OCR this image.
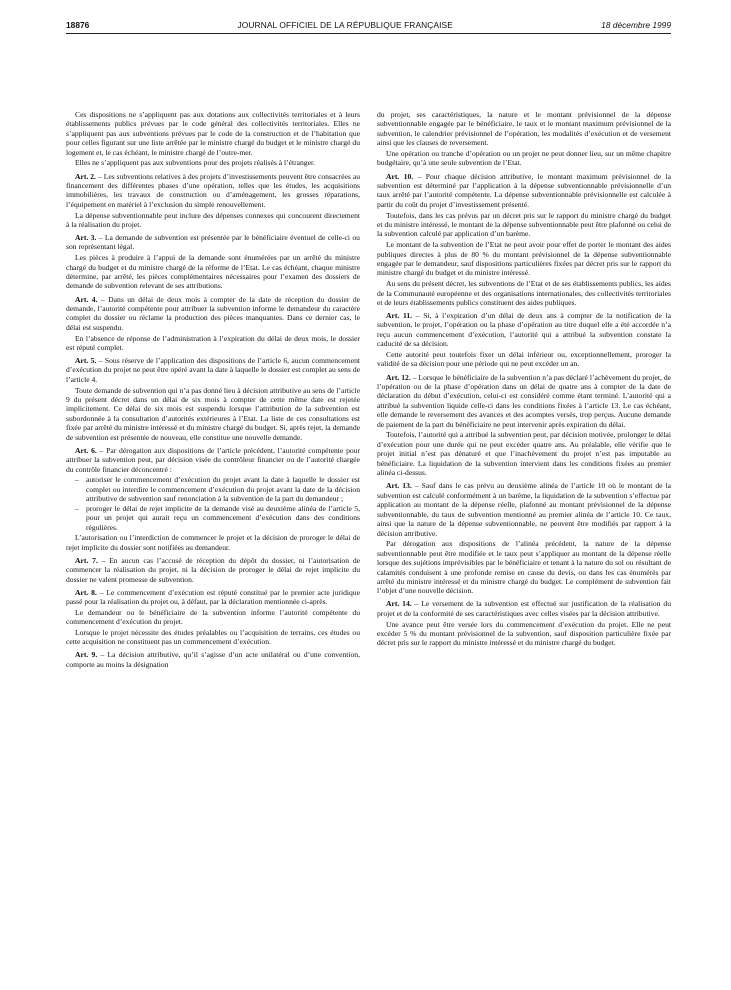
18876	JOURNAL OFFICIEL DE LA RÉPUBLIQUE FRANÇAISE	18 décembre 1999

Ces dispositions ne s’appliquent pas aux dotations aux collectivités territoriales et à leurs établissements publics prévues par le code général des collectivités territoriales. Elles ne s’appliquent pas aux subventions prévues par le code de la construction et de l’habitation que pour celles figurant sur une liste arrêtée par le ministre chargé du budget et le ministre chargé du logement et, le cas échéant, le ministre chargé de l’outre-mer.

Elles ne s’appliquent pas aux subventions pour des projets réalisés à l’étranger.

Art. 2. – Les subventions relatives à des projets d’investissements peuvent être consacrées au financement des différentes phases d’une opération, telles que les études, les acquisitions immobilières, les travaux de construction ou d’aménagement, les grosses réparations, l’équipement en matériel à l’exclusion du simple renouvellement.

La dépense subventionnable peut inclure des dépenses connexes qui concourent directement à la réalisation du projet.

Art. 3. – La demande de subvention est présentée par le bénéficiaire éventuel de celle-ci ou son représentant légal.

Les pièces à produire à l’appui de la demande sont énumérées par un arrêté du ministre chargé du budget et du ministre chargé de la réforme de l’Etat. Le cas échéant, chaque ministre détermine, par arrêté, les pièces complémentaires nécessaires pour l’examen des dossiers de demande de subvention relevant de ses attributions.

Art. 4. – Dans un délai de deux mois à compter de la date de réception du dossier de demande, l’autorité compétente pour attribuer la subvention informe le demandeur du caractère complet du dossier ou réclame la production des pièces manquantes. Dans ce dernier cas, le délai est suspendu.

En l’absence de réponse de l’administration à l’expiration du délai de deux mois, le dossier est réputé complet.

Art. 5. – Sous réserve de l’application des dispositions de l’article 6, aucun commencement d’exécution du projet ne peut être opéré avant la date à laquelle le dossier est complet au sens de l’article 4.

Toute demande de subvention qui n’a pas donné lieu à décision attributive au sens de l’article 9 du présent décret dans un délai de six mois à compter de cette même date est rejetée implicitement. Ce délai de six mois est suspendu lorsque l’attribution de la subvention est subordonnée à la consultation d’autorités extérieures à l’Etat. La liste de ces consultations est fixée par arrêté du ministre intéressé et du ministre chargé du budget. Si, après rejet, la demande de subvention est présentée de nouveau, elle constitue une nouvelle demande.

Art. 6. – Par dérogation aux dispositions de l’article précédent, l’autorité compétente pour attribuer la subvention peut, par décision visée du contrôleur financier ou de l’autorité chargée du contrôle financier déconcentré :

– autoriser le commencement d’exécution du projet avant la date à laquelle le dossier est complet ou interdire le commencement d’exécution du projet avant la date de la décision attributive de subvention sauf renonciation à la subvention de la part du demandeur ;
– proroger le délai de rejet implicite de la demande visé au deuxième alinéa de l’article 5, pour un projet qui aurait reçu un commencement d’exécution dans des conditions régulières.

L’autorisation ou l’interdiction de commencer le projet et la décision de proroger le délai de rejet implicite du dossier sont notifiées au demandeur.

Art. 7. – En aucun cas l’accusé de réception du dépôt du dossier, ni l’autorisation de commencer la réalisation du projet, ni la décision de proroger le délai de rejet implicite du dossier ne valent promesse de subvention.

Art. 8. – Le commencement d’exécution est réputé constitué par le premier acte juridique passé pour la réalisation du projet ou, à défaut, par la déclaration mentionnée ci-après.

Le demandeur ou le bénéficiaire de la subvention informe l’autorité compétente du commencement d’exécution du projet.

Lorsque le projet nécessite des études préalables ou l’acquisition de terrains, ces études ou cette acquisition ne constituent pas un commencement d’exécution.

Art. 9. – La décision attributive, qu’il s’agisse d’un acte unilatéral ou d’une convention, comporte au moins la désignation

du projet, ses caractéristiques, la nature et le montant prévisionnel de la dépense subventionnable engagée par le bénéficiaire, le taux et le montant maximum prévisionnel de la subvention, le calendrier prévisionnel de l’opération, les modalités d’exécution et de versement ainsi que les clauses de reversement.

Une opération ou tranche d’opération ou un projet ne peut donner lieu, sur un même chapitre budgétaire, qu’à une seule subvention de l’Etat.

Art. 10. – Pour chaque décision attributive, le montant maximum prévisionnel de la subvention est déterminé par l’application à la dépense subventionnable prévisionnelle d’un taux arrêté par l’autorité compétente. La dépense subventionnable prévisionnelle est calculée à partir du coût du projet d’investissement présenté.

Toutefois, dans les cas prévus par un décret pris sur le rapport du ministre chargé du budget et du ministre intéressé, le montant de la dépense subventionnable peut être plafonné ou celui de la subvention calculé par application d’un barème.

Le montant de la subvention de l’Etat ne peut avoir pour effet de porter le montant des aides publiques directes à plus de 80 % du montant prévisionnel de la dépense subventionnable engagée par le demandeur, sauf dispositions particulières fixées par décret pris sur le rapport du ministre chargé du budget et du ministre intéressé.

Au sens du présent décret, les subventions de l’Etat et de ses établissements publics, les aides de la Communauté européenne et des organisations internationales, des collectivités territoriales et de leurs établissements publics constituent des aides publiques.

Art. 11. – Si, à l’expiration d’un délai de deux ans à compter de la notification de la subvention, le projet, l’opération ou la phase d’opération au titre duquel elle a été accordée n’a reçu aucun commencement d’exécution, l’autorité qui a attribué la subvention constate la caducité de sa décision.

Cette autorité peut toutefois fixer un délai inférieur ou, exceptionnellement, proroger la validité de sa décision pour une période qui ne peut excéder un an.

Art. 12. – Lorsque le bénéficiaire de la subvention n’a pas déclaré l’achèvement du projet, de l’opération ou de la phase d’opération dans un délai de quatre ans à compter de la date de déclaration du début d’exécution, celui-ci est considéré comme étant terminé. L’autorité qui a attribué la subvention liquide celle-ci dans les conditions fixées à l’article 13. Le cas échéant, elle demande le reversement des avances et des acomptes versés, trop perçus. Aucune demande de paiement de la part du bénéficiaire ne peut intervenir après expiration du délai.

Toutefois, l’autorité qui a attribué la subvention peut, par décision motivée, prolonger le délai d’exécution pour une durée qui ne peut excéder quatre ans. Au préalable, elle vérifie que le projet initial n’est pas dénaturé et que l’inachèvement du projet n’est pas imputable au bénéficiaire. La liquidation de la subvention intervient dans les conditions fixées au premier alinéa ci-dessus.

Art. 13. – Sauf dans le cas prévu au deuxième alinéa de l’article 10 où le montant de la subvention est calculé conformément à un barème, la liquidation de la subvention s’effectue par application au montant de la dépense réelle, plafonné au montant prévisionnel de la dépense subventionnable, du taux de subvention mentionné au premier alinéa de l’article 10. Ce taux, ainsi que la nature de la dépense subventionnable, ne peuvent être modifiés par rapport à la décision attributive.

Par dérogation aux dispositions de l’alinéa précédent, la nature de la dépense subventionnable peut être modifiée et le taux peut s’appliquer au montant de la dépense réelle lorsque des sujétions imprévisibles par le bénéficiaire et tenant à la nature du sol ou résultant de calamités conduisent à une profonde remise en cause du devis, ou dans les cas énumérés par arrêté du ministre intéressé et du ministre chargé du budget. Le complément de subvention fait l’objet d’une nouvelle décision.

Art. 14. – Le versement de la subvention est effectué sur justification de la réalisation du projet et de la conformité de ses caractéristiques avec celles visées par la décision attributive.

Une avance peut être versée lors du commencement d’exécution du projet. Elle ne peut excéder 5 % du montant prévisionnel de la subvention, sauf disposition particulière fixée par décret pris sur le rapport du ministre intéressé et du ministre chargé du budget.
